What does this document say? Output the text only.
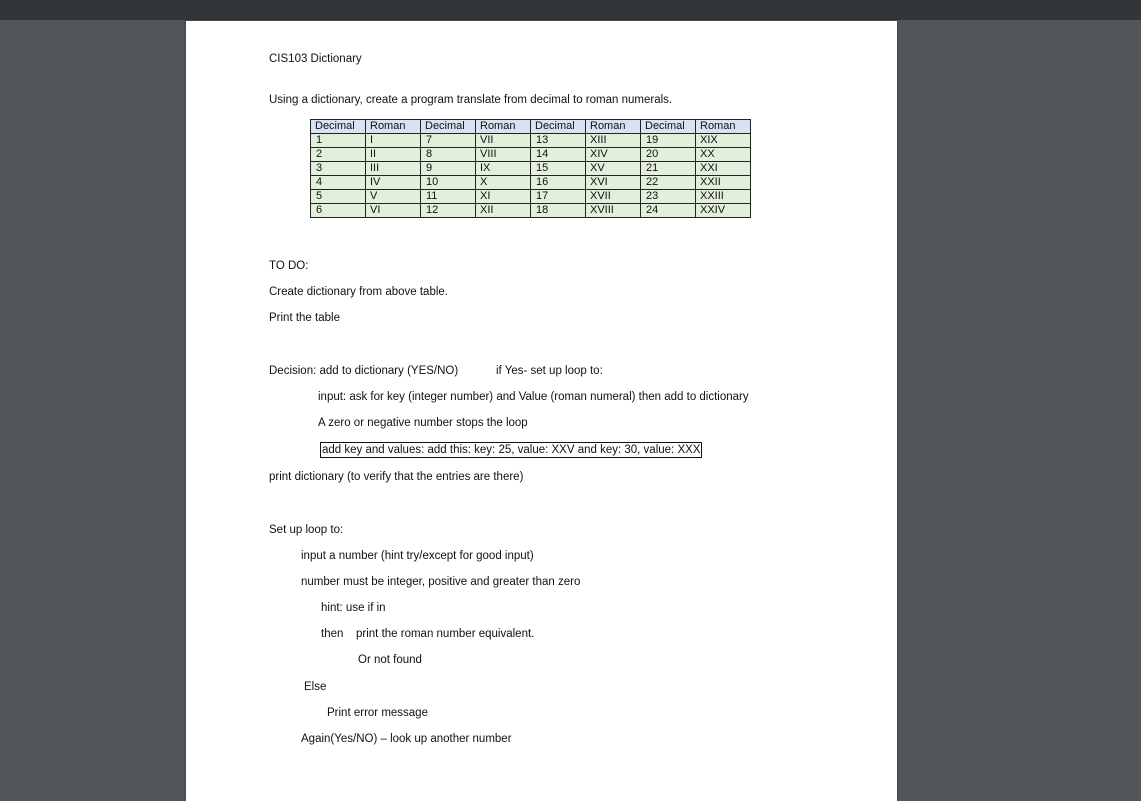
CIS103 Dictionary
Using a dictionary, create a program translate from decimal to roman numerals.
Decimal	Roman	Decimal	Roman	Decimal	Roman	Decimal	Roman
1	I	7	VII	13	XIII	19	XIX
2	II	8	VIII	14	XIV	20	XX
3	III	9	IX	15	XV	21	XXI
4	IV	10	X	16	XVI	22	XXII
5	V	11	XI	17	XVII	23	XXIII
6	VI	12	XII	18	XVIII	24	XXIV
TO DO:
Create dictionary from above table.
Print the table
Decision: add to dictionary (YES/NO)	if Yes- set up loop to:
input: ask for key (integer number) and Value (roman numeral) then add to dictionary
A zero or negative number stops the loop
add key and values: add this: key: 25, value: XXV and key: 30, value: XXX
print dictionary (to verify that the entries are there)
Set up loop to:
input a number (hint try/except for good input)
number must be integer, positive and greater than zero
hint: use if in
then print the roman number equivalent.
Or not found
Else
Print error message
Again(Yes/NO) – look up another number
